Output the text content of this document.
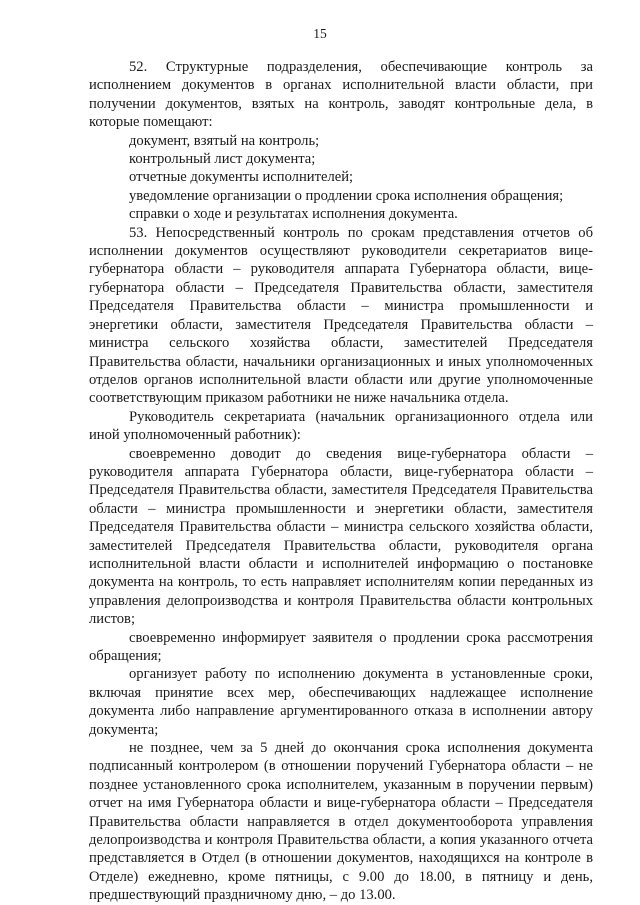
15

52. Структурные подразделения, обеспечивающие контроль за исполнением документов в органах исполнительной власти области, при получении документов, взятых на контроль, заводят контрольные дела, в которые помещают:

документ, взятый на контроль;

контрольный лист документа;

отчетные документы исполнителей;

уведомление организации о продлении срока исполнения обращения;

справки о ходе и результатах исполнения документа.

53. Непосредственный контроль по срокам представления отчетов об исполнении документов осуществляют руководители секретариатов вице-губернатора области – руководителя аппарата Губернатора области, вице-губернатора области – Председателя Правительства области, заместителя Председателя Правительства области – министра промышленности и энергетики области, заместителя Председателя Правительства области – министра сельского хозяйства области, заместителей Председателя Правительства области, начальники организационных и иных уполномоченных отделов органов исполнительной власти области или другие уполномоченные соответствующим приказом работники не ниже начальника отдела.

Руководитель секретариата (начальник организационного отдела или иной уполномоченный работник):

своевременно доводит до сведения вице-губернатора области – руководителя аппарата Губернатора области, вице-губернатора области – Председателя Правительства области, заместителя Председателя Правительства области – министра промышленности и энергетики области, заместителя Председателя Правительства области – министра сельского хозяйства области, заместителей Председателя Правительства области, руководителя органа исполнительной власти области и исполнителей информацию о постановке документа на контроль, то есть направляет исполнителям копии переданных из управления делопроизводства и контроля Правительства области контрольных листов;

своевременно информирует заявителя о продлении срока рассмотрения обращения;

организует работу по исполнению документа в установленные сроки, включая принятие всех мер, обеспечивающих надлежащее исполнение документа либо направление аргументированного отказа в исполнении автору документа;

не позднее, чем за 5 дней до окончания срока исполнения документа подписанный контролером (в отношении поручений Губернатора области – не позднее установленного срока исполнителем, указанным в поручении первым) отчет на имя Губернатора области и вице-губернатора области – Председателя Правительства области направляется в отдел документооборота управления делопроизводства и контроля Правительства области, а копия указанного отчета представляется в Отдел (в отношении документов, находящихся на контроле в Отделе) ежедневно, кроме пятницы, с 9.00 до 18.00, в пятницу и день, предшествующий праздничному дню, – до 13.00.
